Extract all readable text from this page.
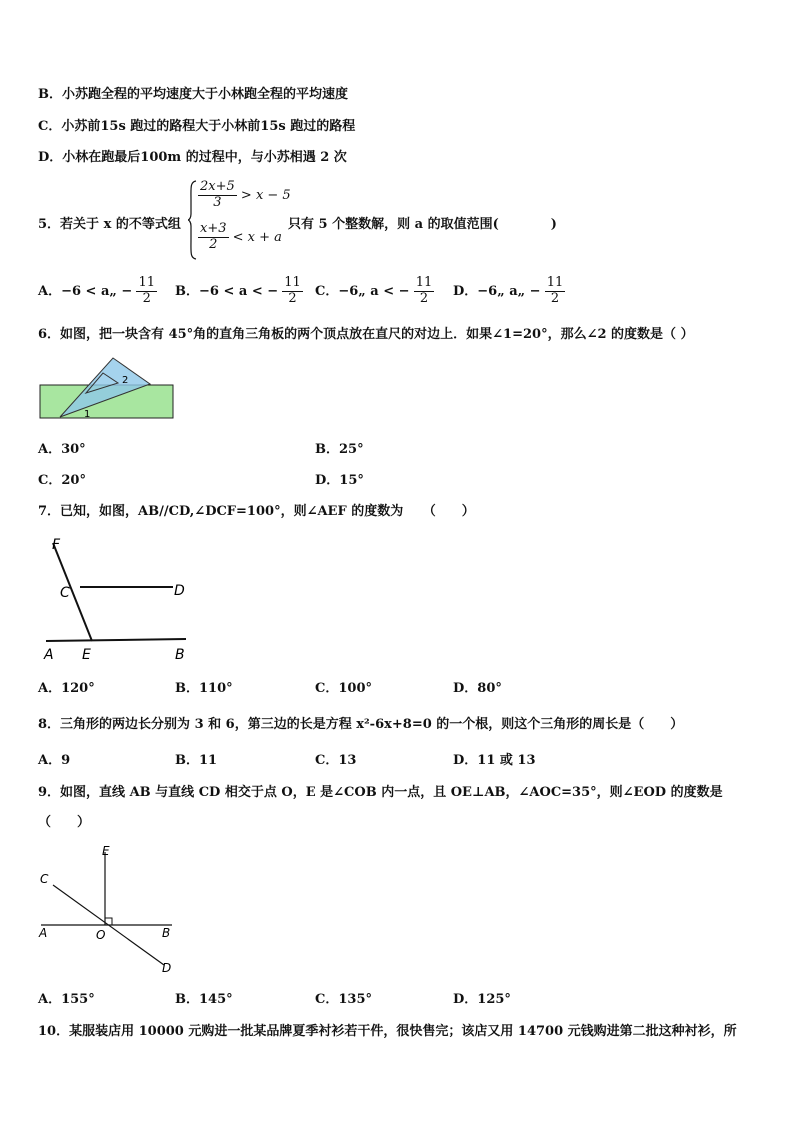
B．小苏跑全程的平均速度大于小林跑全程的平均速度
C．小苏前15s 跑过的路程大于小林前15s 跑过的路程
D．小林在跑最后100m 的过程中，与小苏相遇 2 次
5．若关于 x 的不等式组
$\frac{2x+5}{3} > x - 5$
$\frac{x+3}{2} < x + a$
只有 5 个整数解，则 a 的取值范围(　　　　)
A．−6 < a„ − $\frac{11}{2}$ B．−6 < a < − $\frac{11}{2}$ C．−6„ a < − $\frac{11}{2}$ D．−6„ a„ − $\frac{11}{2}$
6．如图，把一块含有 45°角的直角三角板的两个顶点放在直尺的对边上．如果∠1=20°，那么∠2 的度数是（ ）
2
1
A．30°	B．25°
C．20°	D．15°
7．已知，如图，AB//CD,∠DCF=100°，则∠AEF 的度数为　　（　　）
F
C	D
A E	B
A．120°	B．110°	C．100°	D．80°
8．三角形的两边长分别为 3 和 6，第三边的长是方程 x²-6x+8=0 的一个根，则这个三角形的周长是（　　）
A．9	B．11	C．13	D．11 或 13
9．如图，直线 AB 与直线 CD 相交于点 O，E 是∠COB 内一点，且 OE⊥AB，∠AOC=35°，则∠EOD 的度数是
（　　）
E
C
A	O	B
D
A．155°	B．145°	C．135°	D．125°
10．某服装店用 10000 元购进一批某品牌夏季衬衫若干件，很快售完；该店又用 14700 元钱购进第二批这种衬衫，所
